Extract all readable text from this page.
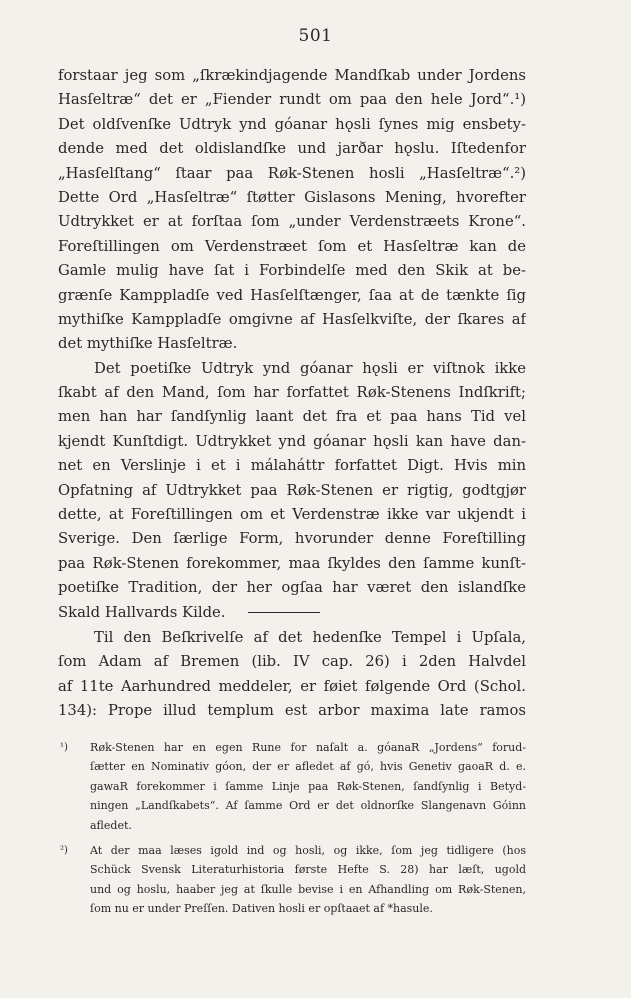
501
forstaar jeg som „ſkrækindjagende Mandſkab under Jordens
Hasſeltræ“ det er „Fiender rundt om paa den hele Jord“.¹)
Det oldſvenſke Udtryk ynd góanar hǫsli ſynes mig ensbety-
dende med det oldislandſke und jarðar hǫslu. Iſtedenfor
„Hasſelſtang“ ſtaar paa Røk-Stenen hosli „Hasſeltræ“.²)
Dette Ord „Hasſeltræ“ ſtøtter Gislasons Mening, hvorefter
Udtrykket er at forſtaa ſom „under Verdenstræets Krone“.
Foreſtillingen om Verdenstræet ſom et Hasſeltræ kan de
Gamle mulig have ſat i Forbindelſe med den Skik at be-
grænſe Kamppladſe ved Hasſelſtænger, ſaa at de tænkte ſig
mythiſke Kamppladſe omgivne af Hasſelkviſte, der ſkares af
det mythiſke Hasſeltræ.
Det poetiſke Udtryk ynd góanar hǫsli er viſtnok ikke
ſkabt af den Mand, ſom har forfattet Røk-Stenens Indſkrift;
men han har ſandſynlig laant det fra et paa hans Tid vel
kjendt Kunſtdigt. Udtrykket ynd góanar hǫsli kan have dan-
net en Verslinje i et i málaháttr forfattet Digt. Hvis min
Opfatning af Udtrykket paa Røk-Stenen er rigtig, godtgjør
dette, at Foreſtillingen om et Verdenstræ ikke var ukjendt i
Sverige. Den ſærlige Form, hvorunder denne Foreſtilling
paa Røk-Stenen forekommer, maa ſkyldes den ſamme kunſt-
poetiſke Tradition, der her ogſaa har været den islandſke
Skald Hallvards Kilde.
Til den Beſkrivelſe af det hedenſke Tempel i Upſala,
ſom Adam af Bremen (lib. IV cap. 26) i 2den Halvdel
af 11te Aarhundred meddeler, er føiet følgende Ord (Schol.
134): Prope illud templum est arbor maxima late ramos
¹) Røk-Stenen har en egen Rune for naſalt a. góanaR „Jordens“ forud-
ſætter en Nominativ góon, der er afledet af gó, hvis Genetiv gaoaR d. e.
gawaR forekommer i ſamme Linje paa Røk-Stenen, ſandſynlig i Betyd-
ningen „Landſkabets“. Af ſamme Ord er det oldnorſke Slangenavn Góinn
afledet.
²) At der maa læses igold ind og hosli, og ikke, ſom jeg tidligere (hos
Schück Svensk Literaturhistoria første Hefte S. 28) har læſt, ugold
und og hoslu, haaber jeg at ſkulle bevise i en Afhandling om Røk-Stenen,
ſom nu er under Preſſen. Dativen hosli er opſtaaet af *hasule.
